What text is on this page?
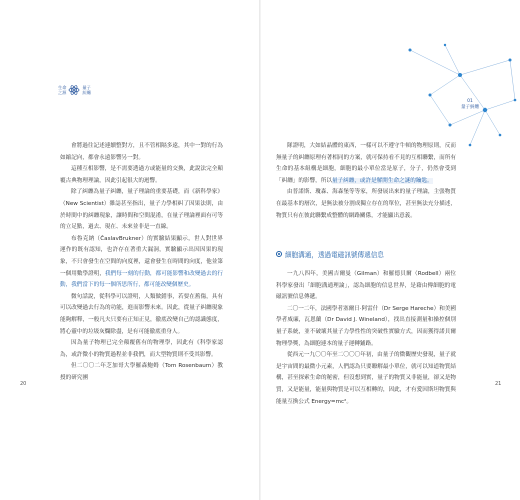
生命
之源
量子
糾纏

會將過往記述連續整對方，且不管相隔多遠，其中一對的行為如縮記向，都會永遠影響另一對。

這種互相影響，是不需要透過方或能量的交換，此說法完全顛覆古典物理理論，因此引起很大的迴響。

除了糾纏為量子糾纏，量子理論的重要基礎，而《新科學家》（New Scientist）雜誌甚至指出，量子力學相糾了因果法則，由於時間中的糾纏現象，讓時間和空間混淆，在量子理論裡面有可等的立足點，過去、現在、未來並非是一直線。

布魯克納（ČaslavBrukner）的實驗結果顯示，世人對世界運作的既有認知，也許存在著重大漏洞，實驗顯示出因因果的現象，不只會發生在空間的向度裡，還會發生在時間的向度，他並第一個用數學證明，我們每一刻的行動，都可能影響和改變過去的行動，我們當下的每一個所思所行，都可能改變個歷史。

微句話說，從科學可以證明，人類做錯事，若要在舊傷，具有可以改變過去行為的功能，進而影響未來。因此，從量子糾纏現象能夠解釋，一般凡夫只要有正知正見，徹底改變自己的認識態度，將心靈中的垃圾灰爛除盡，是有可能徹底重身人。

因為量子物理已完全顛覆舊有的物理學，因此有《科學家認為，或許微小的物質過程並非我們，而大型物質則不受其影響。

但二〇〇二年芝加哥大學羅森鮑姆（Tom Rosenbaum）教授的研究團

20

隊證明，大如結晶體的東西，一樣可以不遵守牛頓的物理原則，反而無量子的糾纏原理有著相同的方案，就可保持看不見的互相聯繫，而所有生命的基本組構是細胞，細胞的最小單位當是原子，分子，仍然會受到「糾纏」的影響，所以量子糾纏，或許是解開生命之謎的鑰匙。

由普諾斯、瓊森、海森堡等等家，所發展出來的量子理論，主張物質在最基本的層次，是無法被分割成獨立存在的單位，甚至無法充分描述，物質只有在彼此聯繫成整體的網路關係，才能顯出意義。

細胞溝通，透過電磁訊號傳遞信息

一九八四年，美國吉爾曼（Gilman）和羅德貝爾（Rodbell）兩位科學家發出「細胞溝通理論」，認為細胞的信息世界，是藉由傳細胞的電磁訊號信息傳遞。

二〇一二年，法國學者塞爾日·阿雷什（Dr Serge Hareche）和美國學者威廉，瓦恩蘭（Dr David J. Wineland），找出直接測量和操控個別量子系統，並不破壞其量子力學性性的突破性實驗方式，因而獲得諾貝爾物理學獎，為細胞連本的量子運轉鋪路。

從西元一九〇〇年至二〇〇〇年初，由量子的微觀歷史發現，量子就是宇宙間的最微小元素，人們認為只要瞭解最小單位，就可以知道物質結構，甚至探索生命的秘密，但沒想到實，量子的物質又非能量，卻又是物質，又是能量，能量與物質是可以互相轉的，因此，才有愛因斯坦物質與能量互換公式 Energy=mc²。

01
量子糾纏
21
